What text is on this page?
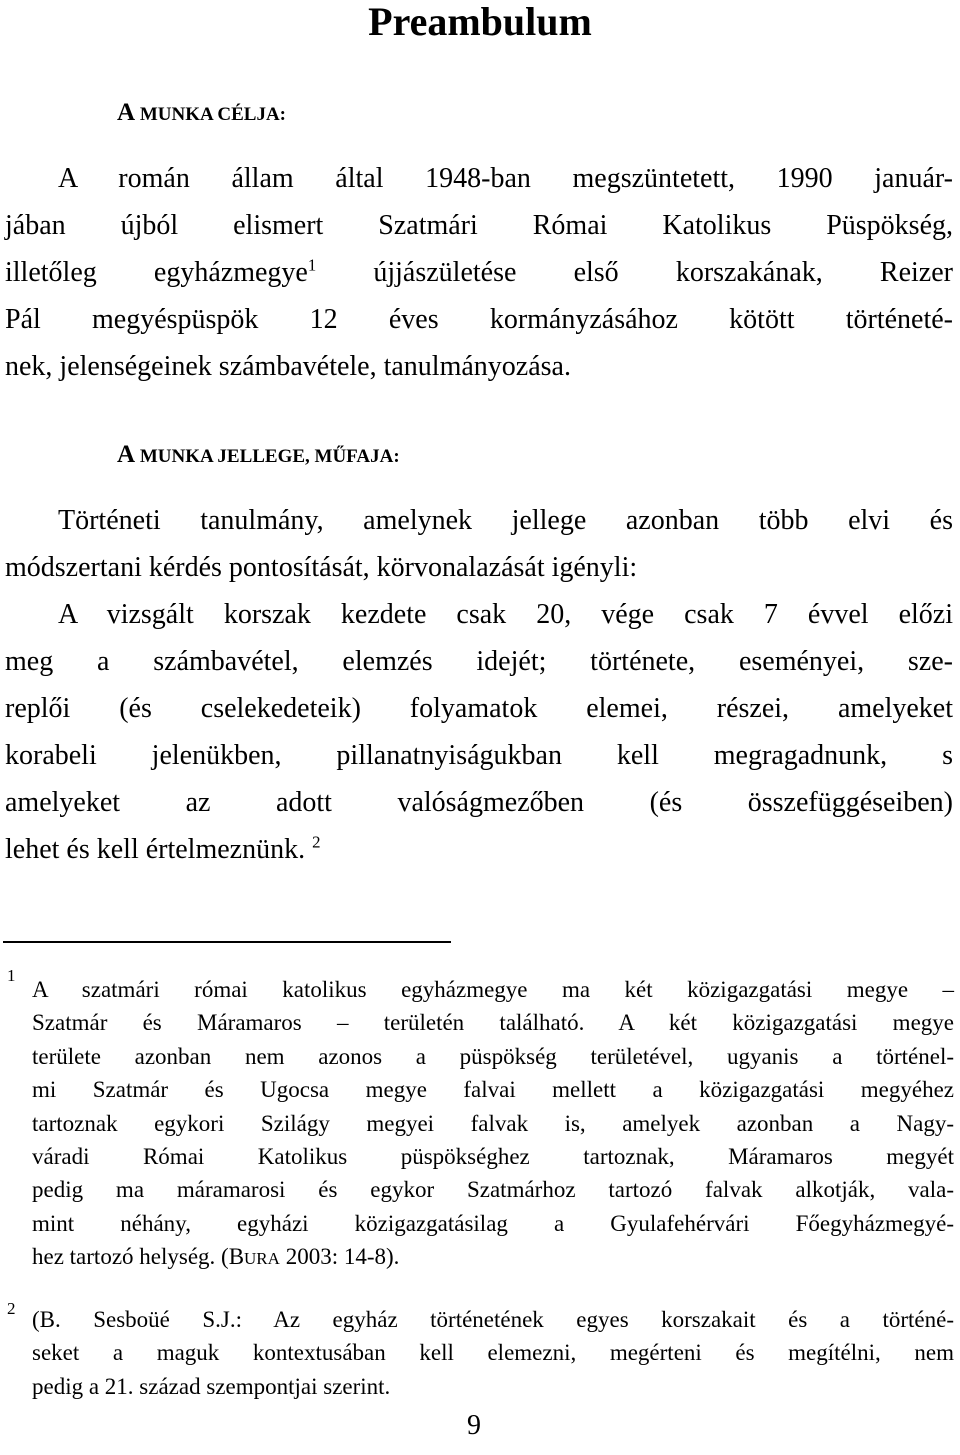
Preambulum
A MUNKA CÉLJA:
A román állam által 1948-ban megszüntetett, 1990 január-
jában újból elismert Szatmári Római Katolikus Püspökség,
illetőleg egyházmegye$^1$ újjászületése első korszakának, Reizer
Pál megyéspüspök 12 éves kormányzásához kötött történeté-
nek, jelenségeinek számbavétele, tanulmányozása.
A MUNKA JELLEGE, MŰFAJA:
Történeti tanulmány, amelynek jellege azonban több elvi és
módszertani kérdés pontosítását, körvonalazását igényli:
A vizsgált korszak kezdete csak 20, vége csak 7 évvel előzi
meg a számbavétel, elemzés idejét; története, eseményei, sze-
replői (és cselekedeteik) folyamatok elemei, részei, amelyeket
korabeli jelenükben, pillanatnyiságukban kell megragadnunk, s
amelyeket az adott valóságmezőben (és összefüggéseiben)
lehet és kell értelmeznünk. $^2$
1
A szatmári római katolikus egyházmegye ma két közigazgatási megye –
Szatmár és Máramaros – területén található. A két közigazgatási megye
területe azonban nem azonos a püspökség területével, ugyanis a történel-
mi Szatmár és Ugocsa megye falvai mellett a közigazgatási megyéhez
tartoznak egykori Szilágy megyei falvak is, amelyek azonban a Nagy-
váradi Római Katolikus püspökséghez tartoznak, Máramaros megyét
pedig ma máramarosi és egykor Szatmárhoz tartozó falvak alkotják, vala-
mint néhány, egyházi közigazgatásilag a Gyulafehérvári Főegyházmegyé-
hez tartozó helység. (BURA 2003: 14-8).
2 (B. Sesboüé S.J.: Az egyház történetének egyes korszakait és a történé-
seket a maguk kontextusában kell elemezni, megérteni és megítélni, nem
pedig a 21. század szempontjai szerint.
9
